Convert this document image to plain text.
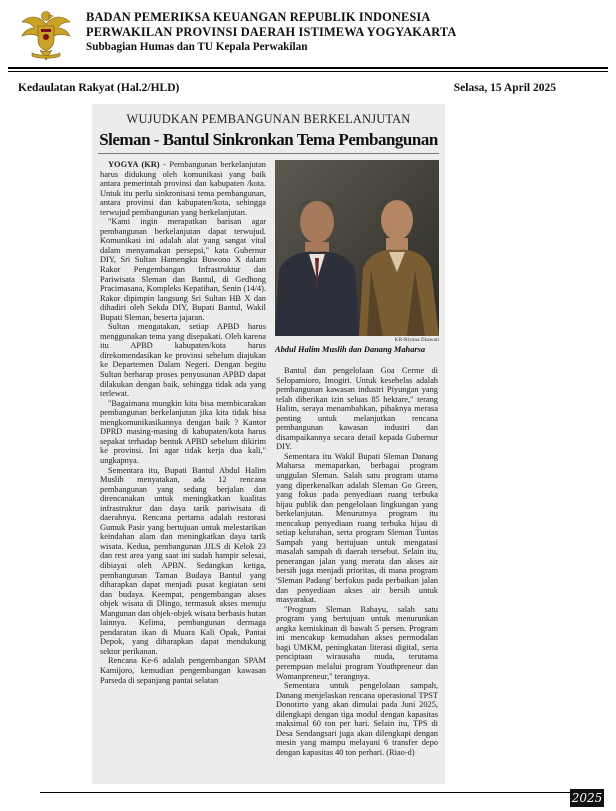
BADAN PEMERIKSA KEUANGAN REPUBLIK INDONESIA
PERWAKILAN PROVINSI DAERAH ISTIMEWA YOGYAKARTA
Subbagian Humas dan TU Kepala Perwakilan
Kedaulatan Rakyat (Hal.2/HLD)	Selasa, 15 April 2025
WUJUDKAN PEMBANGUNAN BERKELANJUTAN
Sleman - Bantul Sinkronkan Tema Pembangunan

YOGYA (KR) - Pembangunan berkelanjutan harus didukung oleh komunikasi yang baik antara pemerintah provinsi dan kabupaten /kota. Untuk itu perlu sinkronisasi tema pembangunan, antara provinsi dan kabupaten/kota, sehingga terwujud pembangunan yang berkelanjutan.

"Kami ingin merapatkan barisan agar pembangunan berkelanjutan dapat terwujud. Komunikasi ini adalah alat yang sangat vital dalam menyamakan persepsi," kata Gubernur DIY, Sri Sultan Hamengku Buwono X dalam Rakor Pengembangan Infrastruktur dan Pariwisata Sleman dan Bantul, di Gedhong Pracimasana, Kompleks Kepatihan, Senin (14/4). Rakor dipimpin langsung Sri Sultan HB X dan dihadiri oleh Sekda DIY, Bupati Bantul, Wakil Bupati Sleman, beserta jajaran.

Sultan mengatakan, setiap APBD harus menggunakan tema yang disepakati. Oleh karena itu APBD kabupaten/kota harus direkomendasikan ke provinsi sebelum diajukan ke Departemen Dalam Negeri. Dengan begitu Sultan berharap proses penyusunan APBD dapat dilakukan dengan baik, sehingga tidak ada yang terlewat.

"Bagaimana mungkin kita bisa membicarakan pembangunan berkelanjutan jika kita tidak bisa mengkomunikasikannya dengan baik ? Kantor DPRD masing-masing di kabupaten/kota harus sepakat terhadap bentuk APBD sebelum dikirim ke provinsi. Ini agar tidak kerja dua kali," ungkapnya.

Sementara itu, Bupati Bantul Abdul Halim Muslih menyatakan, ada 12 rencana pembangunan yang sedang berjalan dan direncanakan untuk meningkatkan kualitas infrastruktur dan daya tarik pariwisata di daerahnya. Rencana pertama adalah restorasi Gumuk Pasir yang bertujuan untuk melestarikan keindahan alam dan meningkatkan daya tarik wisata. Kedua, pembangunan JJLS di Kelok 23 dan rest area yang saat ini sudah hampir selesai, dibiayai oleh APBN. Sedangkan ketiga, pembangunan Taman Budaya Bantul yang diharapkan dapat menjadi pusat kegiatan seni dan budaya. Keempat, pengembangan akses objek wisata di Dlingo, termasuk akses menuju Mangunan dan objek-objek wisata berbasis hutan lainnya. Kelima, pembangunan dermaga pendaratan ikan di Muara Kali Opak, Pantai Depok, yang diharapkan dapat mendukung sektor perikanan.

Rencana Ke-6 adalah pengembangan SPAM Kamijoro, kemudian pengembangan kawasan Parseda di sepanjang pantai selatan

KR-Riyana Ekawati
Abdul Halim Muslih dan Danang Maharsa

Bantul dan pengelolaan Goa Cerme di Selopamioro, Imogiri. Untuk kesebelas adalah pembangunan kawasan industri Piyungan yang telah diberikan izin seluas 85 hektare," terang Halim, seraya menambahkan, pihaknya merasa penting untuk melanjutkan rencana pembangunan kawasan industri dan disampaikannya secara detail kepada Gubernur DIY.

Sementara itu Wakil Bupati Sleman Danang Maharsa memaparkan, berbagai program unggulan Sleman. Salah satu program utama yang diperkenalkan adalah Sleman Go Green, yang fokus pada penyediaan ruang terbuka hijau publik dan pengelolaan lingkungan yang berkelanjutan. Menurutnya program itu mencakup penyediaan ruang terbuka hijau di setiap kelurahan, serta program Sleman Tuntas Sampah yang bertujuan untuk mengatasi masalah sampah di daerah tersebut. Selain itu, penerangan jalan yang merata dan akses air bersih juga menjadi prioritas, di mana program 'Sleman Padang' berfokus pada perbaikan jalan dan penyediaan akses air bersih untuk masyarakat.

"Program Sleman Rahayu, salah satu program yang bertujuan untuk menurunkan angka kemiskinan di bawah 5 persen. Program ini mencakup kemudahan akses permodalan bagi UMKM, peningkatan literasi digital, serta penciptaan wirausaha muda, terutama perempuan melalui program Youthpreneur dan Womanpreneur," terangnya.

Sementara untuk pengelolaan sampah, Danang menjelaskan rencana operasional TPST Donotirto yang akan dimulai pada Juni 2025, dilengkapi dengan tiga modul dengan kapasitas maksimal 60 ton per hari. Selain itu, TPS di Desa Sendangsari juga akan dilengkapi dengan mesin yang mampu melayani 6 transfer depo dengan kapasitas 40 ton perhari. (Riao-d)

2025
